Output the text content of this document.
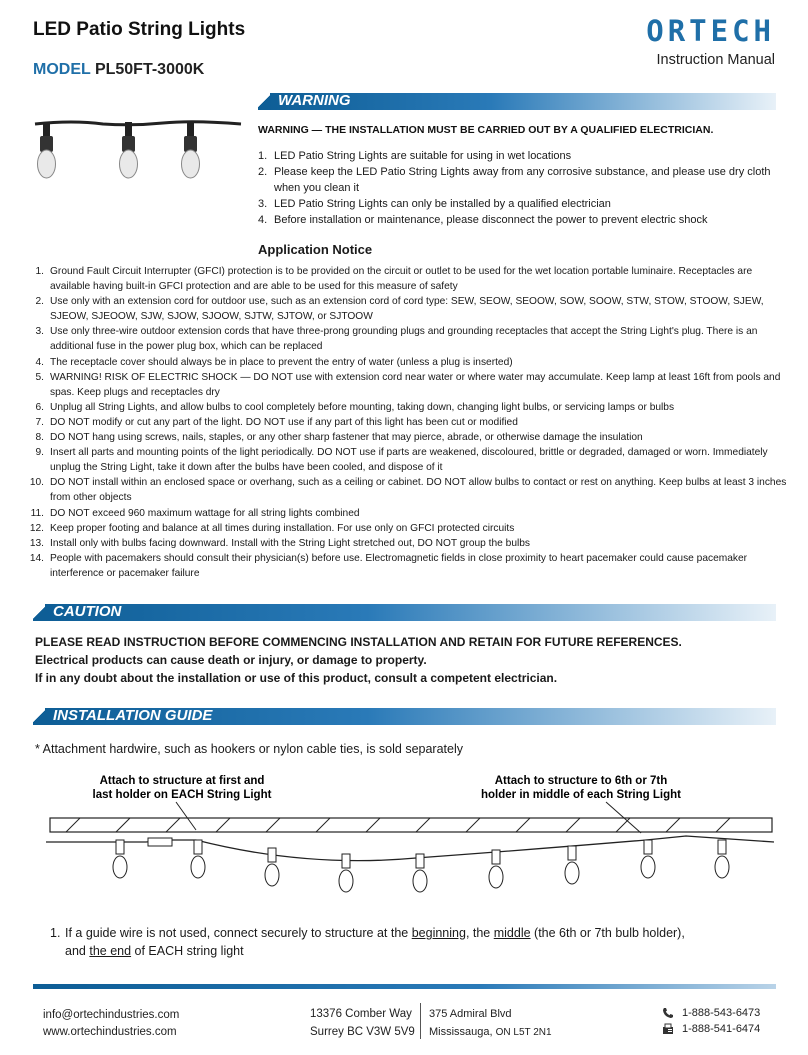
LED Patio String Lights
MODEL PL50FT-3000K
ORTECH
Instruction Manual
WARNING
WARNING — THE INSTALLATION MUST BE CARRIED OUT BY A QUALIFIED ELECTRICIAN.
1. LED Patio String Lights are suitable for using in wet locations
2. Please keep the LED Patio String Lights away from any corrosive substance, and please use dry cloth when you clean it
3. LED Patio String Lights can only be installed by a qualified electrician
4. Before installation or maintenance, please disconnect the power to prevent electric shock
Application Notice
1. Ground Fault Circuit Interrupter (GFCI) protection is to be provided on the circuit or outlet to be used for the wet location portable luminaire. Receptacles are available having built-in GFCI protection and are able to be used for this measure of safety
2. Use only with an extension cord for outdoor use, such as an extension cord of cord type: SEW, SEOW, SEOOW, SOW, SOOW, STW, STOW, STOOW, SJEW, SJEOW, SJEOOW, SJW, SJOW, SJOOW, SJTW, SJTOW, or SJTOOW
3. Use only three-wire outdoor extension cords that have three-prong grounding plugs and grounding receptacles that accept the String Light's plug. There is an additional fuse in the power plug box, which can be replaced
4. The receptacle cover should always be in place to prevent the entry of water (unless a plug is inserted)
5. WARNING! RISK OF ELECTRIC SHOCK — DO NOT use with extension cord near water or where water may accumulate. Keep lamp at least 16ft from pools and spas. Keep plugs and receptacles dry
6. Unplug all String Lights, and allow bulbs to cool completely before mounting, taking down, changing light bulbs, or servicing lamps or bulbs
7. DO NOT modify or cut any part of the light. DO NOT use if any part of this light has been cut or modified
8. DO NOT hang using screws, nails, staples, or any other sharp fastener that may pierce, abrade, or otherwise damage the insulation
9. Insert all parts and mounting points of the light periodically. DO NOT use if parts are weakened, discoloured, brittle or degraded, damaged or worn. Immediately unplug the String Light, take it down after the bulbs have been cooled, and dispose of it
10. DO NOT install within an enclosed space or overhang, such as a ceiling or cabinet. DO NOT allow bulbs to contact or rest on anything. Keep bulbs at least 3 inches from other objects
11. DO NOT exceed 960 maximum wattage for all string lights combined
12. Keep proper footing and balance at all times during installation. For use only on GFCI protected circuits
13. Install only with bulbs facing downward. Install with the String Light stretched out, DO NOT group the bulbs
14. People with pacemakers should consult their physician(s) before use. Electromagnetic fields in close proximity to heart pacemaker could cause pacemaker interference or pacemaker failure
CAUTION
PLEASE READ INSTRUCTION BEFORE COMMENCING INSTALLATION AND RETAIN FOR FUTURE REFERENCES.
Electrical products can cause death or injury, or damage to property.
If in any doubt about the installation or use of this product, consult a competent electrician.
INSTALLATION GUIDE
* Attachment hardwire, such as hookers or nylon cable ties, is sold separately
Attach to structure at first and
last holder on EACH String Light
Attach to structure to 6th or 7th
holder in middle of each String Light
1. If a guide wire is not used, connect securely to structure at the beginning, the middle (the 6th or 7th bulb holder),
and the end of EACH string light
info@ortechindustries.com
www.ortechindustries.com
13376 Comber Way
Surrey BC V3W 5V9
375 Admiral Blvd
Mississauga, ON L5T 2N1
1-888-543-6473
1-888-541-6474
